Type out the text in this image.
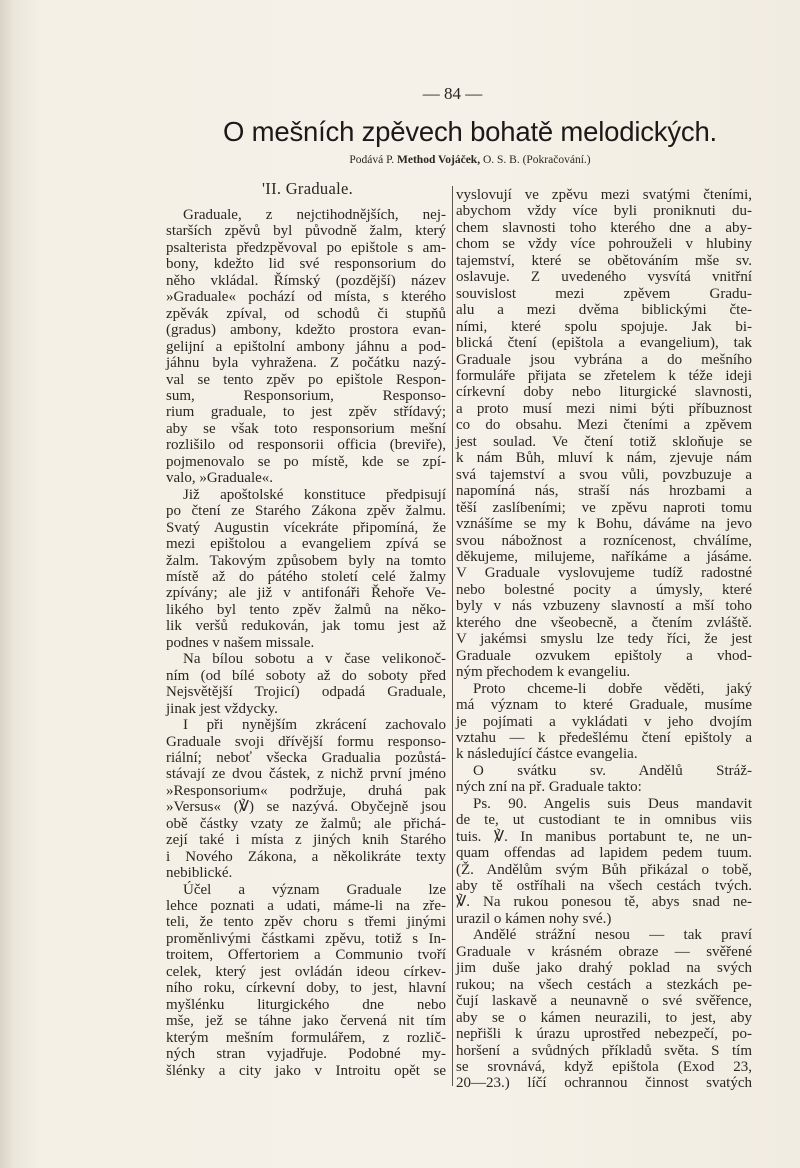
— 84 —
O mešních zpěvech bohatě melodických.
Podává P. Method Vojáček, O. S. B. (Pokračování.)
'II. Graduale.
Graduale, z nejctihodnějších, nej-
starších zpěvů byl původně žalm, který
psalterista předzpěvoval po epištole s am-
bony, kdežto lid své responsorium do
něho vkládal. Římský (pozdější) název
»Graduale« pochází od místa, s kterého
zpěvák zpíval, od schodů či stupňů
(gradus) ambony, kdežto prostora evan-
gelijní a epištolní ambony jáhnu a pod-
jáhnu byla vyhražena. Z počátku nazý-
val se tento zpěv po epištole Respon-
sum, Responsorium, Responso-
rium graduale, to jest zpěv střídavý;
aby se však toto responsorium mešní
rozlišilo od responsorii officia (breviře),
pojmenovalo se po místě, kde se zpí-
valo, »Graduale«.
Již apoštolské konstituce předpisují
po čtení ze Starého Zákona zpěv žalmu.
Svatý Augustin vícekráte připomíná, že
mezi epištolou a evangeliem zpívá se
žalm. Takovým způsobem byly na tomto
místě až do pátého století celé žalmy
zpívány; ale již v antifonáři Řehoře Ve-
likého byl tento zpěv žalmů na něko-
lik veršů redukován, jak tomu jest až
podnes v našem missale.
Na bílou sobotu a v čase velikonoč-
ním (od bílé soboty až do soboty před
Nejsvětější Trojicí) odpadá Graduale,
jinak jest vždycky.
I při nynějším zkrácení zachovalo
Graduale svoji dřívější formu responso-
riální; neboť všecka Gradualia pozůstá-
stávají ze dvou částek, z nichž první jméno
»Responsorium« podržuje, druhá pak
»Versus« (℣) se nazývá. Obyčejně jsou
obě částky vzaty ze žalmů; ale přichá-
zejí také i místa z jiných knih Starého
i Nového Zákona, a několikráte texty
nebiblické.
Účel a význam Graduale lze
lehce poznati a udati, máme-li na zře-
teli, že tento zpěv choru s třemi jinými
proměnlivými částkami zpěvu, totiž s In-
troitem, Offertoriem a Communio tvoří
celek, který jest ovládán ideou církev-
ního roku, církevní doby, to jest, hlavní
myšlénku liturgického dne nebo
mše, jež se táhne jako červená nit tím
kterým mešním formulářem, z rozlič-
ných stran vyjadřuje. Podobné my-
šlénky a city jako v Introitu opět se
vyslovují ve zpěvu mezi svatými čteními,
abychom vždy více byli proniknuti du-
chem slavnosti toho kterého dne a aby-
chom se vždy více pohrouželi v hlubiny
tajemství, které se obětováním mše sv.
oslavuje. Z uvedeného vysvítá vnitřní
souvislost mezi zpěvem Gradu-
alu a mezi dvěma biblickými čte-
ními, které spolu spojuje. Jak bi-
blická čtení (epištola a evangelium), tak
Graduale jsou vybrána a do mešního
formuláře přijata se zřetelem k téže ideji
církevní doby nebo liturgické slavnosti,
a proto musí mezi nimi býti příbuznost
co do obsahu. Mezi čteními a zpěvem
jest soulad. Ve čtení totiž skloňuje se
k nám Bůh, mluví k nám, zjevuje nám
svá tajemství a svou vůli, povzbuzuje a
napomíná nás, straší nás hrozbami a
těší zaslíbeními; ve zpěvu naproti tomu
vznášíme se my k Bohu, dáváme na jevo
svou nábožnost a roznícenost, chválíme,
děkujeme, milujeme, naříkáme a jásáme.
V Graduale vyslovujeme tudíž radostné
nebo bolestné pocity a úmysly, které
byly v nás vzbuzeny slavností a mší toho
kterého dne všeobecně, a čtením zvláště.
V jakémsi smyslu lze tedy říci, že jest
Graduale ozvukem epištoly a vhod-
ným přechodem k evangeliu.
Proto chceme-li dobře věděti, jaký
má význam to které Graduale, musíme
je pojímati a vykládati v jeho dvojím
vztahu — k předešlému čtení epištoly a
k následující částce evangelia.
O svátku sv. Andělů Stráž-
ných zní na př. Graduale takto:
Ps. 90. Angelis suis Deus mandavit
de te, ut custodiant te in omnibus viis
tuis. ℣. In manibus portabunt te, ne un-
quam offendas ad lapidem pedem tuum.
(Ž. Andělům svým Bůh přikázal o tobě,
aby tě ostříhali na všech cestách tvých.
℣. Na rukou ponesou tě, abys snad ne-
urazil o kámen nohy své.)
Andělé strážní nesou — tak praví
Graduale v krásném obraze — svěřené
jim duše jako drahý poklad na svých
rukou; na všech cestách a stezkách pe-
čují laskavě a neunavně o své svěřence,
aby se o kámen neurazili, to jest, aby
nepřišli k úrazu uprostřed nebezpečí, po-
horšení a svůdných příkladů světa. S tím
se srovnává, když epištola (Exod 23,
20—23.) líčí ochrannou činnost svatých
